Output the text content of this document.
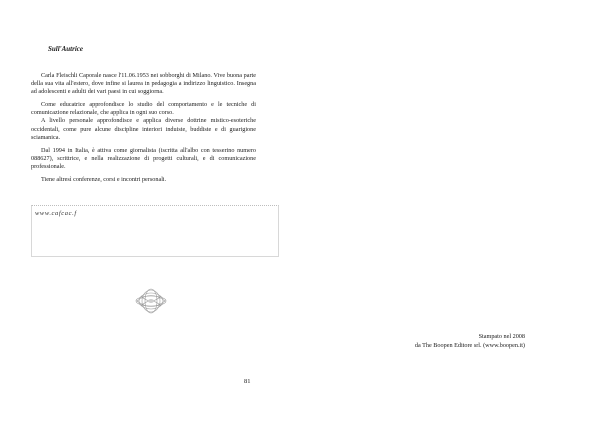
Sull'Autrice

Carla Fleischli Caporale nasce l'11.06.1953 nei sobborghi di Milano. Vive buona parte della sua vita all'estero, dove infine si laurea in pedagogia a indirizzo linguistico. Insegna ad adolescenti e adulti dei vari paesi in cui soggiorna.

Come educatrice approfondisce lo studio del comportamento e le tecniche di comunicazione relazionale, che applica in ogni suo corso.

A livello personale approfondisce e applica diverse dottrine mistico-esoteriche occidentali, come pure alcune discipline interiori induiste, buddiste e di guarigione sciamanica.

Dal 1994 in Italia, è attiva come giornalista (iscritta all'albo con tesserino numero 088627), scrittrice, e nella realizzazione di progetti culturali, e di comunicazione professionale.

Tiene altresì conferenze, corsi e incontri personali.

www.cafcac.f
81
Stampato nel 2008
da The Boopen Editore srl. (www.boopen.it)
